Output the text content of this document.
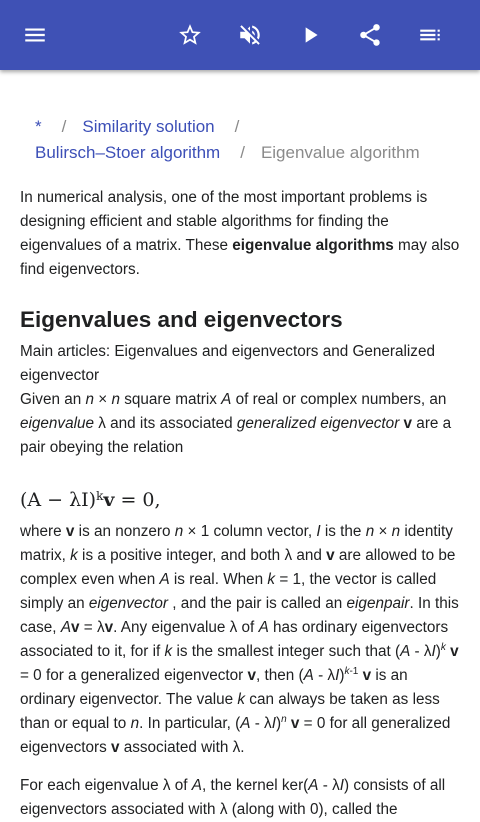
* / Similarity solution /
Bulirsch–Stoer algorithm / Eigenvalue algorithm

In numerical analysis, one of the most important problems is designing efficient and stable algorithms for finding the eigenvalues of a matrix. These eigenvalue algorithms may also find eigenvectors.

Eigenvalues and eigenvectors

Main articles: Eigenvalues and eigenvectors and Generalized eigenvector

Given an n × n square matrix A of real or complex numbers, an eigenvalue λ and its associated generalized eigenvector v are a pair obeying the relation

$(A - \lambda I)^kv = 0$,

where v is an nonzero n × 1 column vector, I is the n × n identity matrix, k is a positive integer, and both λ and v are allowed to be complex even when A is real. When k = 1, the vector is called simply an eigenvector , and the pair is called an eigenpair. In this case, Av = λv. Any eigenvalue λ of A has ordinary eigenvectors associated to it, for if k is the smallest integer such that (A - λI)$^k$ v = 0 for a generalized eigenvector v, then (A - λI)$^{k-1}$ v is an ordinary eigenvector. The value k can always be taken as less than or equal to n. In particular, (A - λI)$^n$ v = 0 for all generalized eigenvectors v associated with λ.

For each eigenvalue λ of A, the kernel ker(A - λI) consists of all eigenvectors associated with λ (along with 0), called the
